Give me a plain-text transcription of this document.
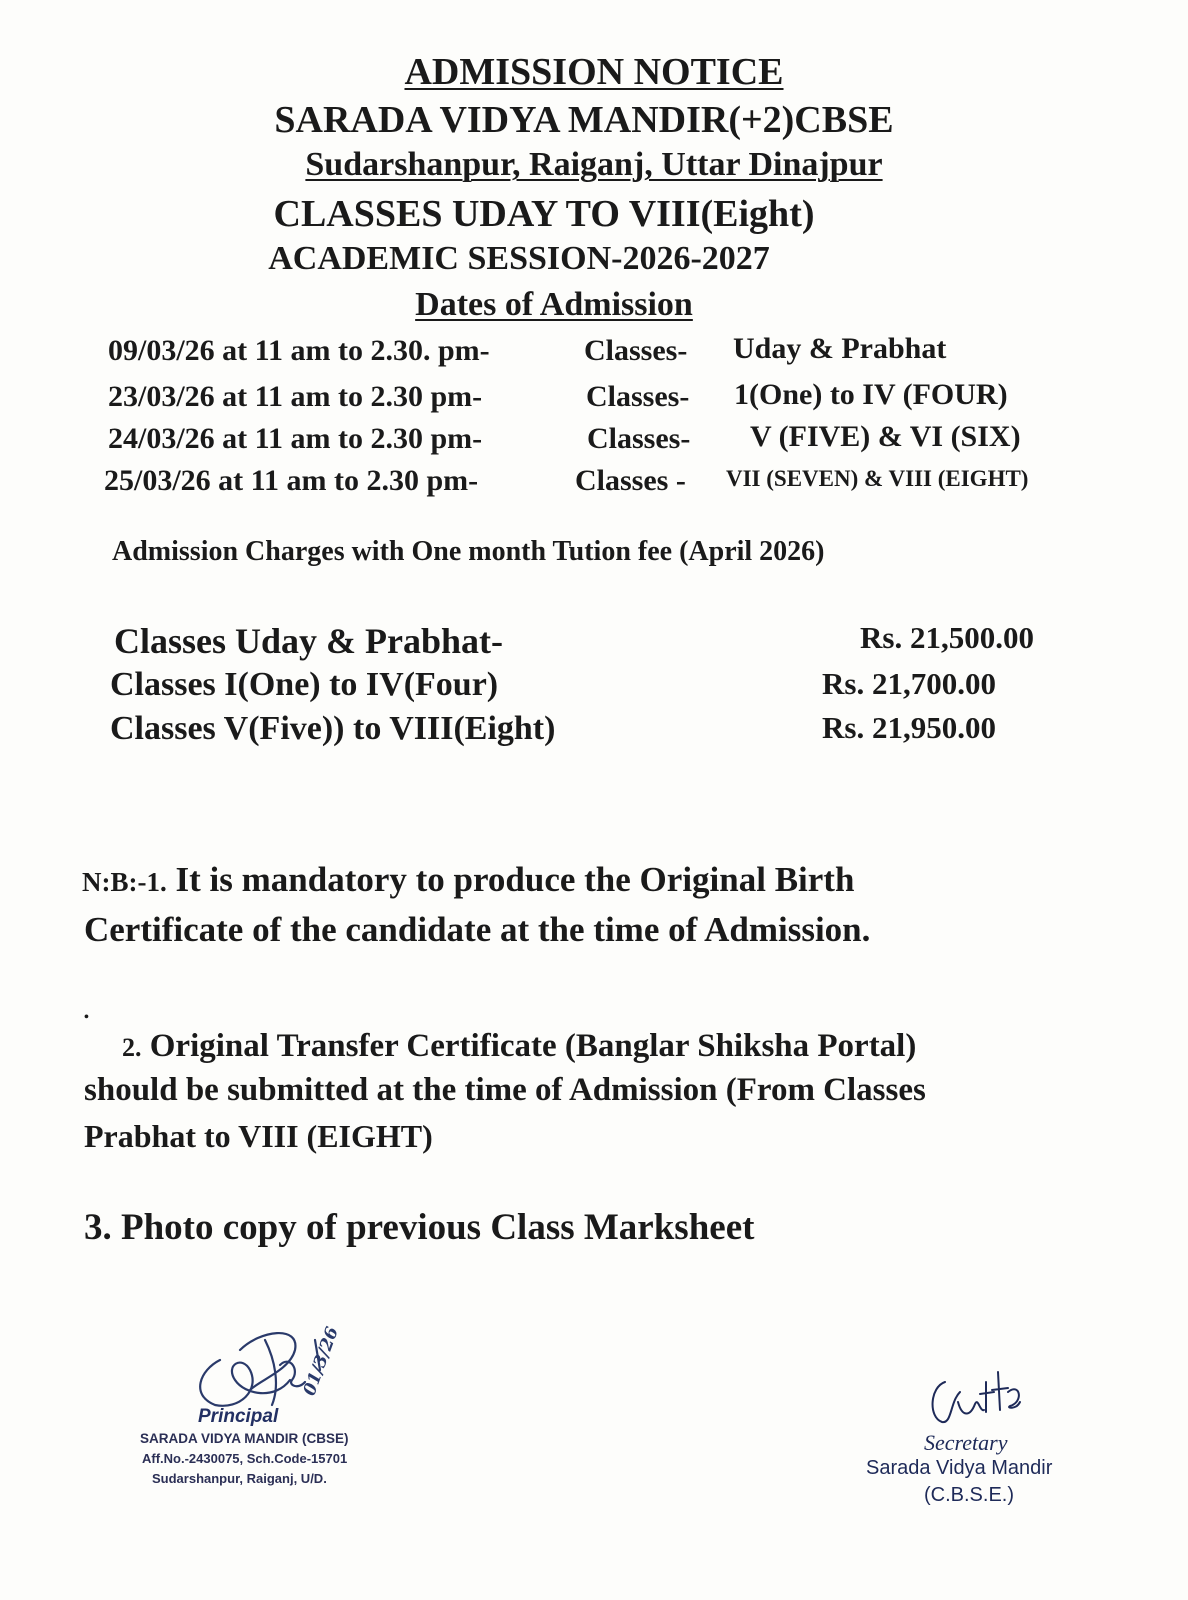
ADMISSION NOTICE
SARADA VIDYA MANDIR(+2)CBSE
Sudarshanpur, Raiganj, Uttar Dinajpur
CLASSES UDAY TO VIII(Eight)
ACADEMIC SESSION-2026-2027
Dates of Admission
09/03/26 at 11 am to 2.30. pm-	Classes- Uday & Prabhat
23/03/26 at 11 am to 2.30 pm-	Classes- 1(One) to IV (FOUR)
24/03/26 at 11 am to 2.30 pm-	Classes- V (FIVE) & VI (SIX)
25/03/26 at 11 am to 2.30 pm-	Classes - VII (SEVEN) & VIII (EIGHT)
Admission Charges with One month Tution fee (April 2026)
Classes Uday & Prabhat-	Rs. 21,500.00
Classes I(One) to IV(Four)	Rs. 21,700.00
Classes V(Five)) to VIII(Eight)	Rs. 21,950.00
N:B:-1. It is mandatory to produce the Original Birth
Certificate of the candidate at the time of Admission.
•
2. Original Transfer Certificate (Banglar Shiksha Portal)
should be submitted at the time of Admission (From Classes
Prabhat to VIII (EIGHT)
3. Photo copy of previous Class Marksheet
01/3/26
Principal
SARADA VIDYA MANDIR (CBSE)
Aff.No.-2430075, Sch.Code-15701
Sudarshanpur, Raiganj, U/D.
Secretary
Sarada Vidya Mandir
(C.B.S.E.)
